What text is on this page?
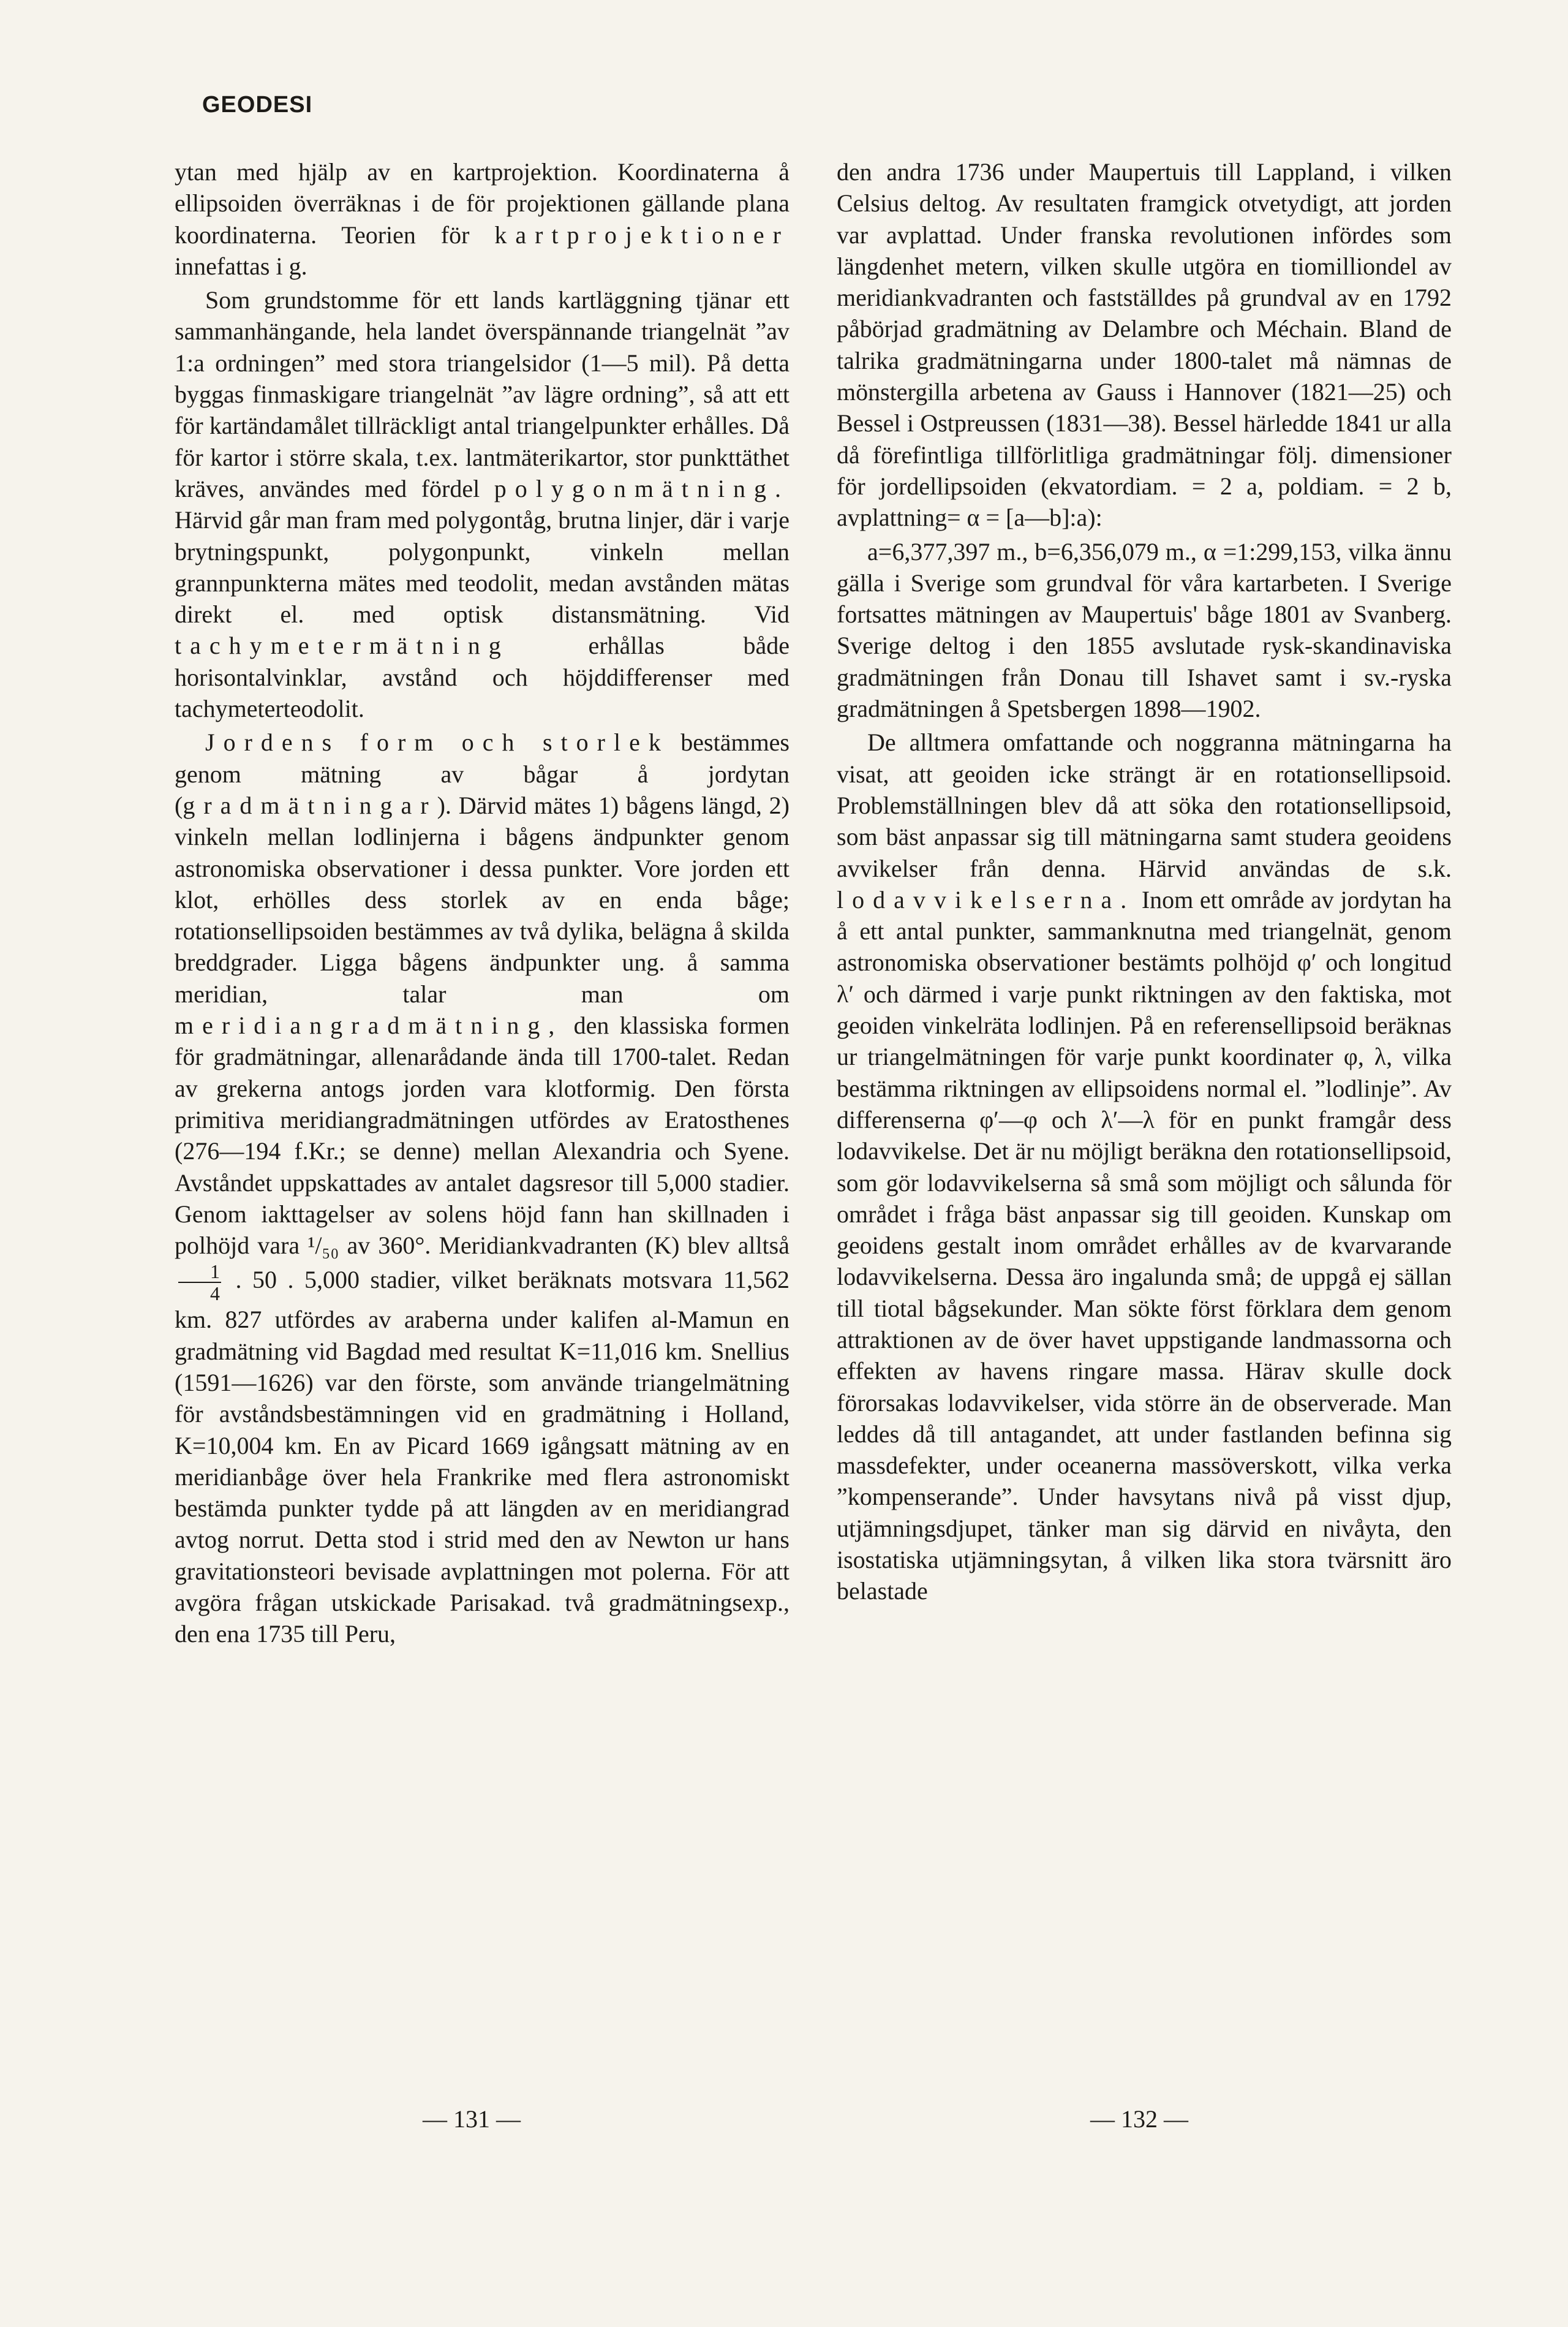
GEODESI

ytan med hjälp av en kartprojektion. Koordinaterna å ellipsoiden överräknas i de för projektionen gällande plana koordinaterna. Teorien för kartprojektioner innefattas i g.

Som grundstomme för ett lands kartläggning tjänar ett sammanhängande, hela landet överspännande triangelnät ”av 1:a ordningen” med stora triangelsidor (1—5 mil). På detta byggas finmaskigare triangelnät ”av lägre ordning”, så att ett för kartändamålet tillräckligt antal triangelpunkter erhålles. Då för kartor i större skala, t.ex. lantmäterikartor, stor punkttäthet kräves, användes med fördel polygonmätning. Härvid går man fram med polygontåg, brutna linjer, där i varje brytningspunkt, polygonpunkt, vinkeln mellan grannpunkterna mätes med teodolit, medan avstånden mätas direkt el. med optisk distansmätning. Vid tachymetermätning	erhållas både horisontalvinklar, avstånd och höjddifferenser med tachymeterteodolit.

Jordens form och storlek bestämmes genom mätning av bågar å jordytan (gradmätningar). Därvid mätes 1) bågens längd, 2) vinkeln mellan lodlinjerna i bågens ändpunkter genom astronomiska observationer i dessa punkter. Vore jorden ett klot, erhölles dess storlek av en enda båge; rotationsellipsoiden bestämmes av två dylika, belägna å skilda breddgrader. Ligga bågens ändpunkter ung. å samma meridian, talar man om meridiangradmätning, den klassiska formen för gradmätningar, allenarådande ända till 1700-talet. Redan av grekerna antogs jorden vara klotformig. Den första primitiva meridiangradmätningen utfördes av Eratosthenes (276—194 f.Kr.; se denne) mellan Alexandria och Syene. Avståndet uppskattades av antalet dagsresor till 5,000 stadier. Genom iakttagelser av solens höjd fann han skillnaden i polhöjd vara ¹/₅₀ av 360°. Meridiankvadranten (K) blev alltså
$\frac{1}{4}$ . 50 . 5,000 stadier, vilket beräknats motsvara 11,562 km. 827 utfördes av araberna under kalifen al-Mamun en gradmätning vid Bagdad med resultat K=11,016 km. Snellius (1591—1626) var den förste, som använde triangelmätning för avståndsbestämningen vid en gradmätning i Holland, K=10,004 km. En av Picard 1669 igångsatt mätning av en meridianbåge över hela Frankrike med flera astronomiskt bestämda punkter tydde på att längden av en meridiangrad avtog norrut. Detta stod i strid med den av Newton ur hans gravitationsteori bevisade avplattningen mot polerna. För att avgöra frågan utskickade Parisakad. två gradmätningsexp., den ena 1735 till Peru,

den andra 1736 under Maupertuis till Lappland, i vilken Celsius deltog. Av resultaten framgick otvetydigt, att jorden var avplattad. Under franska revolutionen infördes som längdenhet metern, vilken skulle utgöra en tiomilliondel av meridiankvadranten och fastställdes på grundval av en 1792 påbörjad gradmätning av Delambre och Méchain. Bland de talrika gradmätningarna under 1800-talet må nämnas de mönstergilla arbetena av Gauss i Hannover (1821—25) och Bessel i Ostpreussen (1831—38). Bessel härledde 1841 ur alla då förefintliga tillförlitliga gradmätningar följ. dimensioner för jordellipsoiden (ekvatordiam. = 2 a, poldiam. = 2 b, avplattning= α = [a—b]:a):

a=6,377,397 m., b=6,356,079 m., α =1:299,153, vilka ännu gälla i Sverige som grundval för våra kartarbeten. I Sverige fortsattes mätningen av Maupertuis' båge 1801 av Svanberg. Sverige deltog i den 1855 avslutade rysk-skandinaviska gradmätningen från Donau till Ishavet samt i sv.-ryska gradmätningen å Spetsbergen 1898—1902.

De alltmera omfattande och noggranna mätningarna ha visat, att geoiden icke strängt är en rotationsellipsoid. Problemställningen blev då att söka den rotationsellipsoid, som bäst anpassar sig till mätningarna samt studera geoidens avvikelser från denna. Härvid användas de s.k. lodavvikelserna. Inom ett område av jordytan ha å ett antal punkter, sammanknutna med triangelnät, genom astronomiska observationer bestämts polhöjd φ′ och longitud λ′ och därmed i varje punkt riktningen av den faktiska, mot geoiden vinkelräta lodlinjen. På en referensellipsoid beräknas ur triangelmätningen för varje punkt koordinater φ, λ, vilka bestämma riktningen av ellipsoidens normal el. ”lodlinje”. Av differenserna φ′—φ och λ′—λ för en punkt framgår dess lodavvikelse. Det är nu möjligt beräkna den rotationsellipsoid, som gör lodavvikelserna så små som möjligt och sålunda för området i fråga bäst anpassar sig till geoiden. Kunskap om geoidens gestalt inom området erhålles av de kvarvarande lodavvikelserna. Dessa äro ingalunda små; de uppgå ej sällan till tiotal bågsekunder. Man sökte först förklara dem genom attraktionen av de över havet uppstigande landmassorna och effekten av havens ringare massa. Härav skulle dock förorsakas lodavvikelser, vida större än de observerade. Man leddes då till antagandet, att under fastlanden befinna sig massdefekter, under oceanerna massöverskott, vilka verka ”kompenserande”. Under havsytans nivå på visst djup, utjämningsdjupet, tänker man sig därvid en nivåyta, den isostatiska utjämningsytan, å vilken lika stora tvärsnitt äro belastade

— 131 —	— 132 —
